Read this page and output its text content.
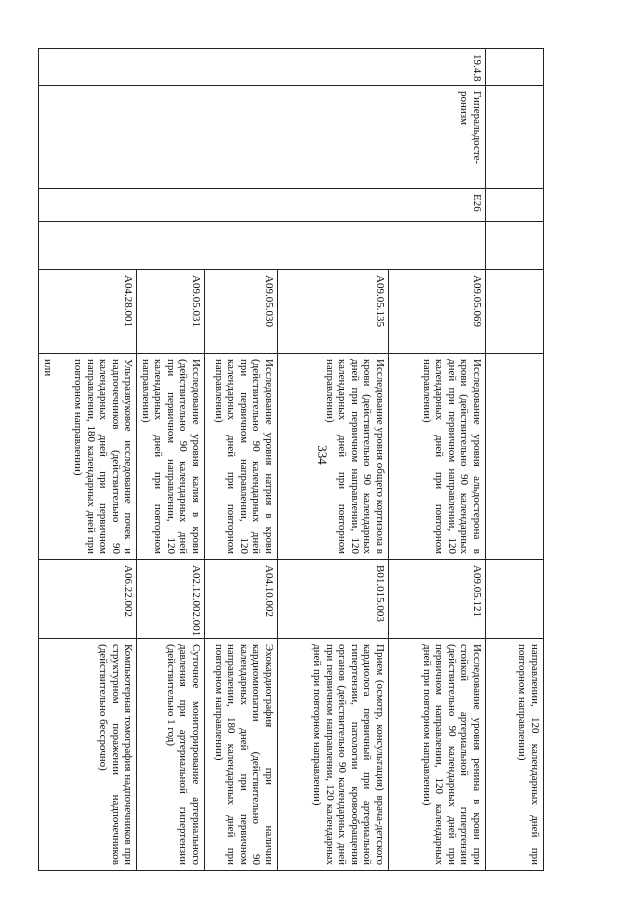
334
							направлении, 120 календарных дней при повторном направлении)
19.4.8	Гиперальдосте-ронизм	E26		A09.05.069	Исследование уровня альдостерона в крови (действительно 90 календарных дней при первичном направлении, 120 календарных дней при повторном направлении)	A09.05.121	Исследование уровня ренина в крови при стойкой артериальной гипертензии (действительно 90 календарных дней при первичном направлении, 120 календарных дней при повторном направлении)
				A09.05.135	Исследование уровня общего кортизола в крови (действительно 90 календарных дней при первичном направлении, 120 календарных дней при повторном направлении)	B01.015.003	Прием (осмотр, консультация) врача-детского кардиолога первичный при артериальной гипертензии, патологии кровообращения органов (действительно 90 календарных дней при первичном направлении, 120 календарных дней при повторном направлении)
				A09.05.030	Исследование уровня натрия в крови (действительно 90 календарных дней при первичном направлении, 120 календарных дней при повторном направлении)	A04.10.002	Эхокардиография при наличии кардиомиопатии (действительно 90 календарных дней при первичном направлении, 180 календарных дней при повторном направлении)
				A09.05.031	Исследование уровня калия в крови (действительно 90 календарных дней при первичном направлении, 120 календарных дней при повторном направлении)	A02.12.002.001	Суточное мониторирование артериального давления при артериальной гипертензии (действительно 1 год)
				A04.28.001	Ультразвуковое исследование почек и надпочечников (действительно 90 календарных дней при первичном направлении, 180 календарных дней при повторном направлении)
или	A06.22.002	Компьютерная томография надпочечников при структурном поражении надпочечников (действительно бессрочно)
